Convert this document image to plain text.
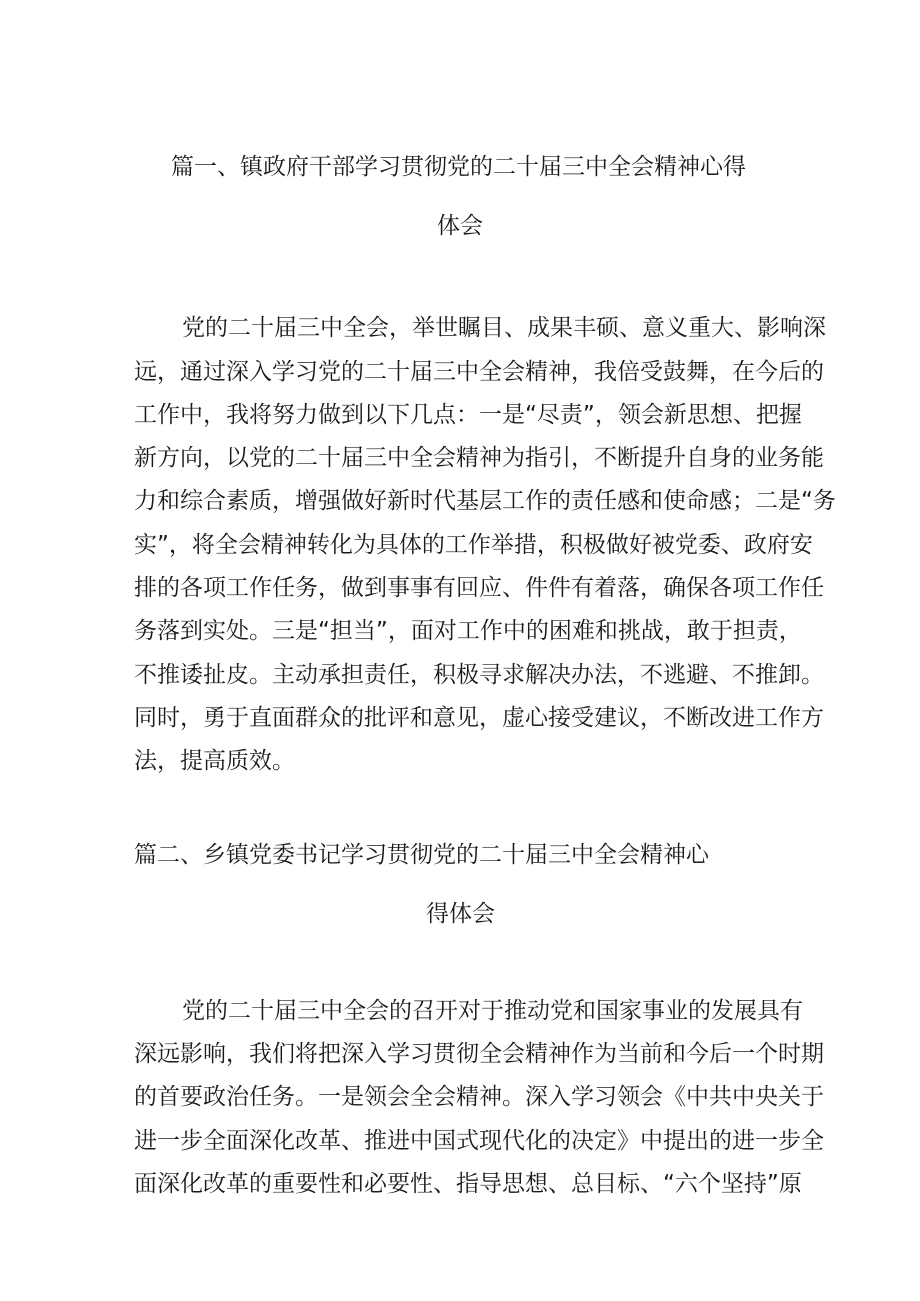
篇一、镇政府干部学习贯彻党的二十届三中全会精神心得
体会
党的二十届三中全会，举世瞩目、成果丰硕、意义重大、影响深
远，通过深入学习党的二十届三中全会精神，我倍受鼓舞，在今后的
工作中，我将努力做到以下几点：一是“尽责”，领会新思想、把握
新方向，以党的二十届三中全会精神为指引，不断提升自身的业务能
力和综合素质，增强做好新时代基层工作的责任感和使命感；二是“务
实”，将全会精神转化为具体的工作举措，积极做好被党委、政府安
排的各项工作任务，做到事事有回应、件件有着落，确保各项工作任
务落到实处。三是“担当”，面对工作中的困难和挑战，敢于担责，
不推诿扯皮。主动承担责任，积极寻求解决办法，不逃避、不推卸。
同时，勇于直面群众的批评和意见，虚心接受建议，不断改进工作方
法，提高质效。
篇二、乡镇党委书记学习贯彻党的二十届三中全会精神心
得体会
党的二十届三中全会的召开对于推动党和国家事业的发展具有
深远影响，我们将把深入学习贯彻全会精神作为当前和今后一个时期
的首要政治任务。一是领会全会精神。深入学习领会《中共中央关于
进一步全面深化改革、推进中国式现代化的决定》中提出的进一步全
面深化改革的重要性和必要性、指导思想、总目标、“六个坚持”原
